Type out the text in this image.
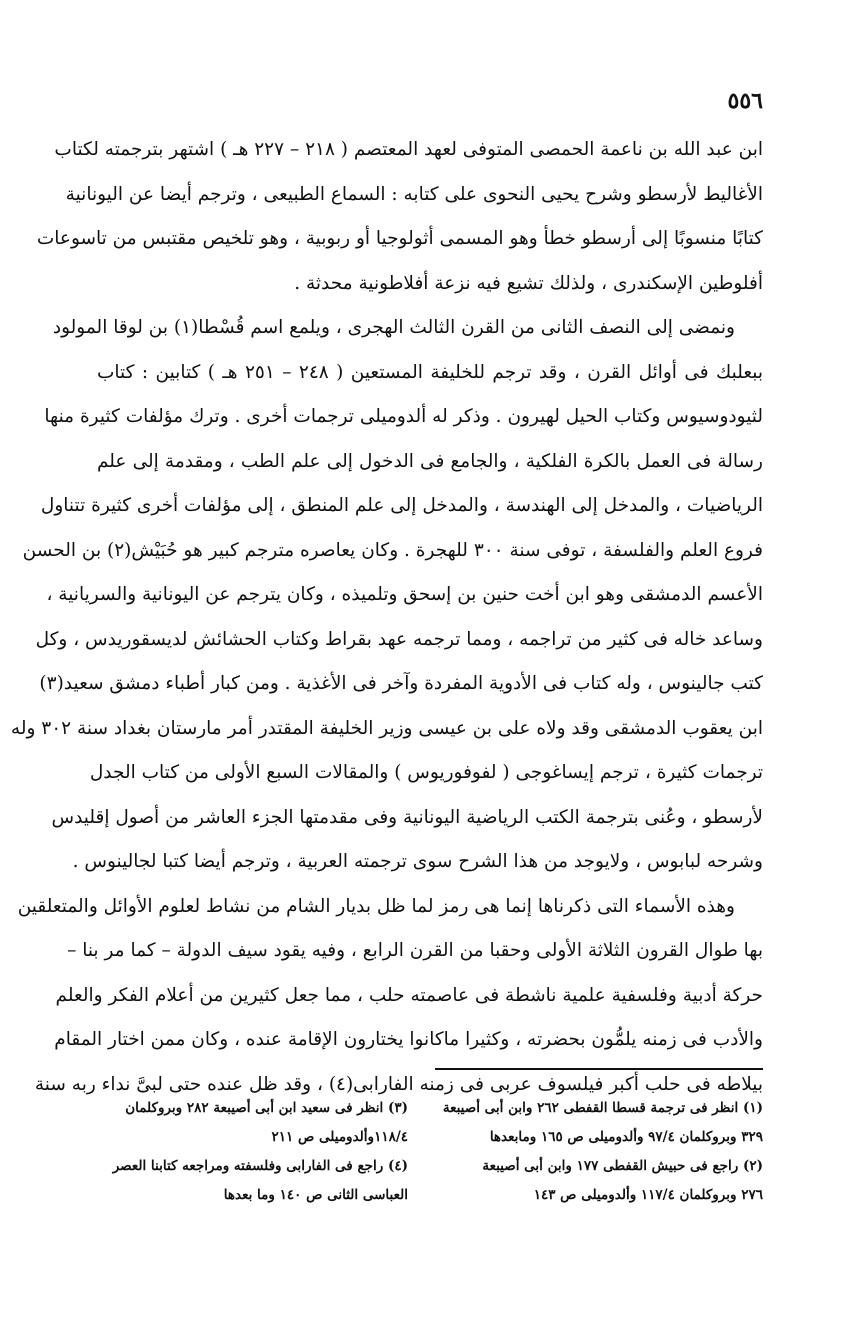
٥٥٦
ابن عبد الله بن ناعمة الحمصى المتوفى لعهد المعتصم ( ٢١٨ – ٢٢٧ هـ ) اشتهر بترجمته لكتاب
الأغاليط لأرسطو وشرح يحيى النحوى على كتابه : السماع الطبيعى ، وترجم أيضا عن اليونانية
كتابًا منسوبًا إلى أرسطو خطأ وهو المسمى أثولوجيا أو ربوبية ، وهو تلخيص مقتبس من تاسوعات
أفلوطين الإسكندرى ، ولذلك تشيع فيه نزعة أفلاطونية محدثة .
ونمضى إلى النصف الثانى من القرن الثالث الهجرى ، ويلمع اسم قُسْطا(١) بن لوقا المولود
ببعلبك فى أوائل القرن ، وقد ترجم للخليفة المستعين ( ٢٤٨ – ٢٥١ هـ ) كتابين : كتاب
لثيودوسيوس وكتاب الحيل لهيرون . وذكر له ألدوميلى ترجمات أخرى . وترك مؤلفات كثيرة منها
رسالة فى العمل بالكرة الفلكية ، والجامع فى الدخول إلى علم الطب ، ومقدمة إلى علم
الرياضيات ، والمدخل إلى الهندسة ، والمدخل إلى علم المنطق ، إلى مؤلفات أخرى كثيرة تتناول
فروع العلم والفلسفة ، توفى سنة ٣٠٠ للهجرة . وكان يعاصره مترجم كبير هو حُبَيْش(٢) بن الحسن
الأعسم الدمشقى وهو ابن أخت حنين بن إسحق وتلميذه ، وكان يترجم عن اليونانية والسريانية ،
وساعد خاله فى كثير من تراجمه ، ومما ترجمه عهد بقراط وكتاب الحشائش لديسقوريدس ، وكل
كتب جالينوس ، وله كتاب فى الأدوية المفردة وآخر فى الأغذية . ومن كبار أطباء دمشق سعيد(٣)
ابن يعقوب الدمشقى وقد ولاه على بن عيسى وزير الخليفة المقتدر أمر مارستان بغداد سنة ٣٠٢ وله
ترجمات كثيرة ، ترجم إيساغوجى ( لفوفوريوس ) والمقالات السبع الأولى من كتاب الجدل
لأرسطو ، وعُنى بترجمة الكتب الرياضية اليونانية وفى مقدمتها الجزء العاشر من أصول إقليدس
وشرحه لبابوس ، ولايوجد من هذا الشرح سوى ترجمته العربية ، وترجم أيضا كتبا لجالينوس .
وهذه الأسماء التى ذكرناها إنما هى رمز لما ظل بديار الشام من نشاط لعلوم الأوائل والمتعلقين
بها طوال القرون الثلاثة الأولى وحقبا من القرن الرابع ، وفيه يقود سيف الدولة – كما مر بنا –
حركة أدبية وفلسفية علمية ناشطة فى عاصمته حلب ، مما جعل كثيرين من أعلام الفكر والعلم
والأدب فى زمنه يلمُّون بحضرته ، وكثيرا ماكانوا يختارون الإقامة عنده ، وكان ممن اختار المقام
بيلاطه فى حلب أكبر فيلسوف عربى فى زمنه الفارابى(٤) ، وقد ظل عنده حتى لبىَّ نداء ربه سنة
(١) انظر فى ترجمة قسطا القفطى ٢٦٢ وابن أبى أصيبعة
٣٢٩ وبروكلمان ٩٧/٤ وألدوميلى ص ١٦٥ ومابعدها
(٢) راجع فى حبيش القفطى ١٧٧ وابن أبى أصيبعة
٢٧٦ وبروكلمان ١١٧/٤ وألدوميلى ص ١٤٣
(٣) انظر فى سعيد ابن أبى أصيبعة ٢٨٢ وبروكلمان
١١٨/٤وألدوميلى ص ٢١١
(٤) راجع فى الفارابى وفلسفته ومراجعه كتابنا العصر
العباسى الثانى ص ١٤٠ وما بعدها
